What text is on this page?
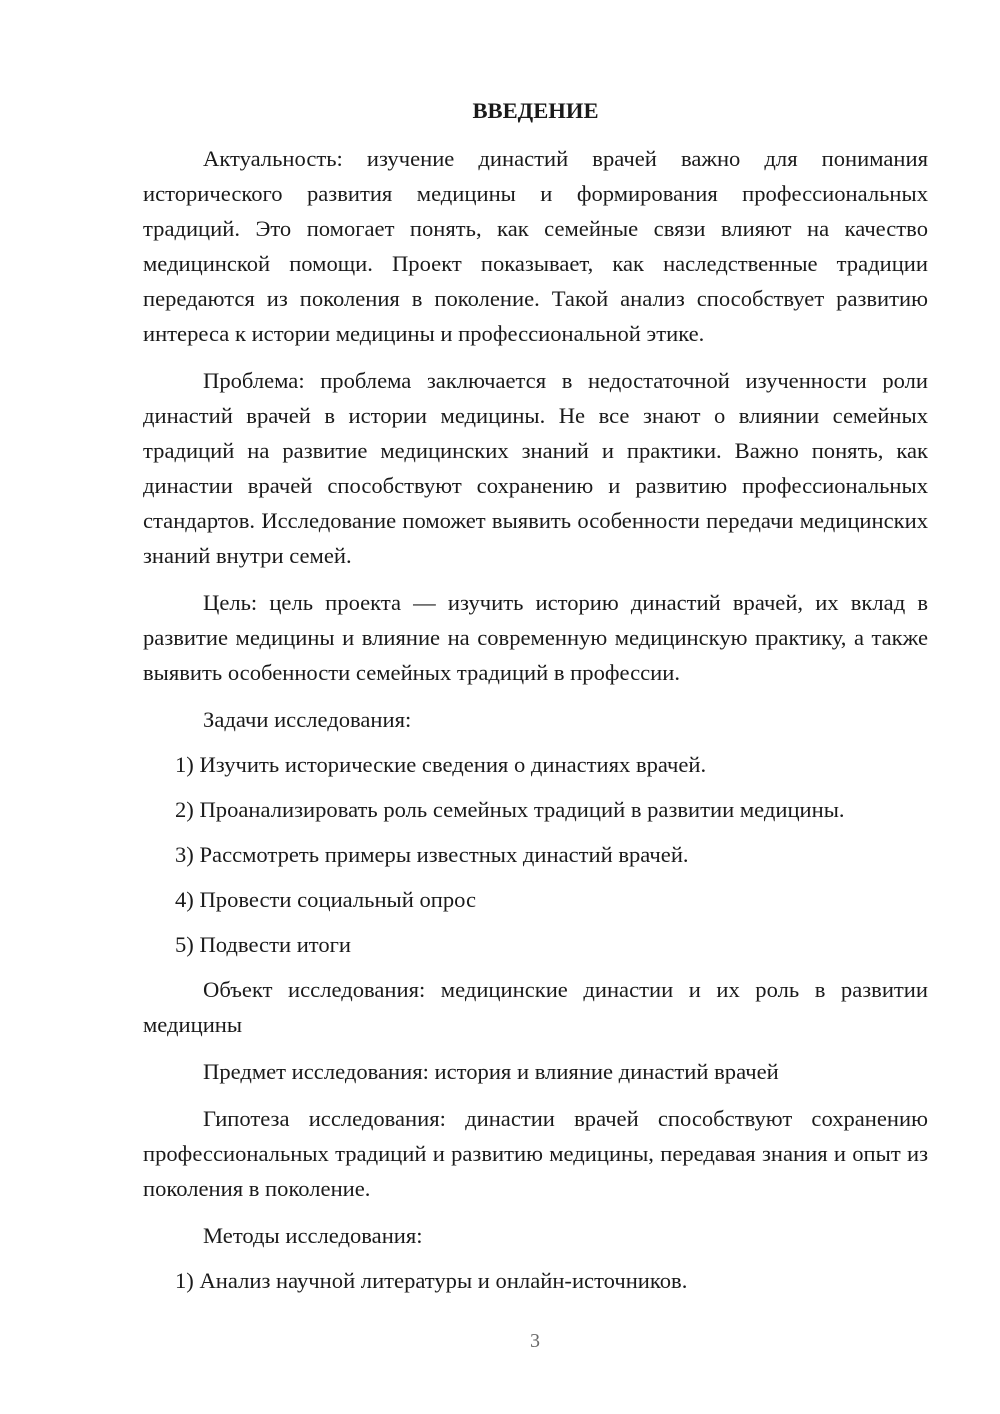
ВВЕДЕНИЕ

Актуальность: изучение династий врачей важно для понимания исторического развития медицины и формирования профессиональных традиций. Это помогает понять, как семейные связи влияют на качество медицинской помощи. Проект показывает, как наследственные традиции передаются из поколения в поколение. Такой анализ способствует развитию интереса к истории медицины и профессиональной этике.

Проблема: проблема заключается в недостаточной изученности роли династий врачей в истории медицины. Не все знают о влиянии семейных традиций на развитие медицинских знаний и практики. Важно понять, как династии врачей способствуют сохранению и развитию профессиональных стандартов. Исследование поможет выявить особенности передачи медицинских знаний внутри семей.

Цель: цель проекта — изучить историю династий врачей, их вклад в развитие медицины и влияние на современную медицинскую практику, а также выявить особенности семейных традиций в профессии.

Задачи исследования:
1) Изучить исторические сведения о династиях врачей.
2) Проанализировать роль семейных традиций в развитии медицины.
3) Рассмотреть примеры известных династий врачей.
4) Провести социальный опрос
5) Подвести итоги

Объект исследования: медицинские династии и их роль в развитии медицины

Предмет исследования: история и влияние династий врачей

Гипотеза исследования: династии врачей способствуют сохранению профессиональных традиций и развитию медицины, передавая знания и опыт из поколения в поколение.

Методы исследования:
1) Анализ научной литературы и онлайн-источников.
3
